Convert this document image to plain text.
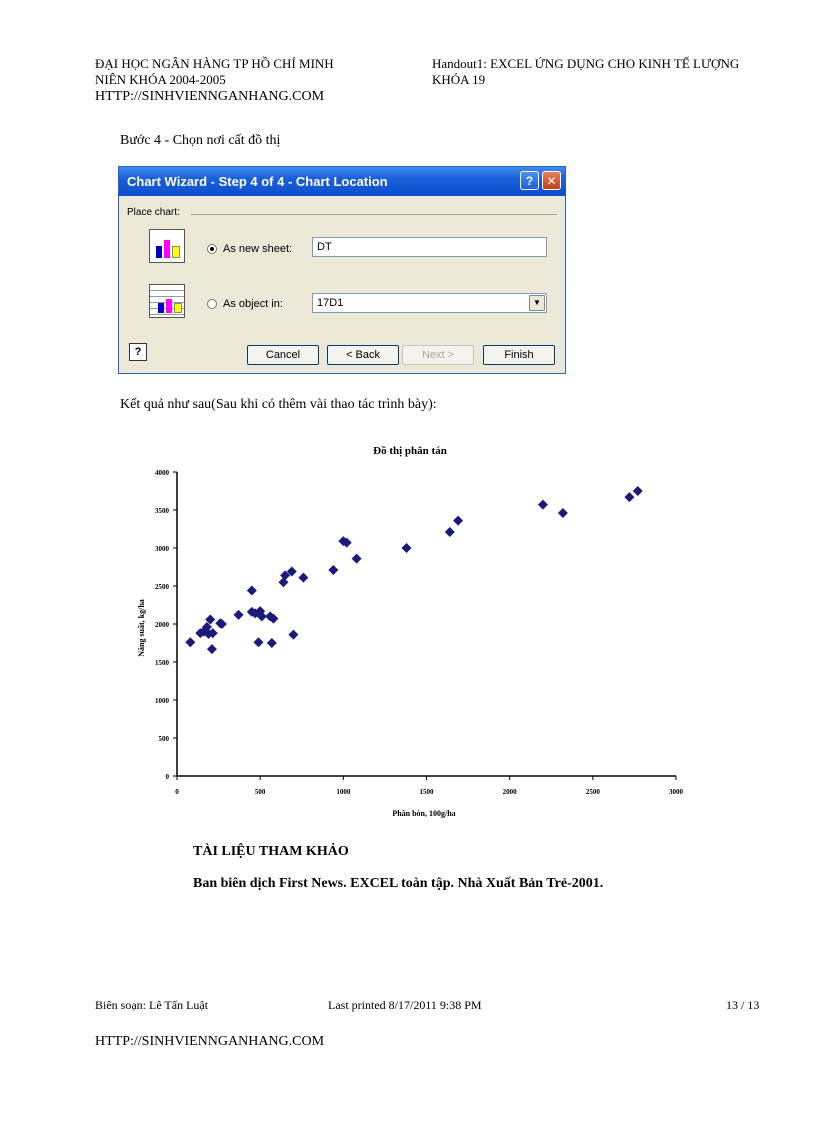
ĐẠI HỌC NGÂN HÀNG TP HỒ CHÍ MINH
NIÊN KHÓA 2004-2005
HTTP://SINHVIENNGANHANG.COM
Handout1: EXCEL ỨNG DỤNG CHO KINH TẾ LƯỢNG
KHÓA 19
Bước 4 - Chọn nơi cất đồ thị
Chart Wizard - Step 4 of 4 - Chart Location	?	✕
Place chart:
As new sheet:	DT
As object in:	17D1	▼
?	Cancel	< Back	Next >	Finish
Kết quả như sau(Sau khi có thêm vài thao tác trình bày):
Đồ thị phân tán
Năng suất, kg/ha
Phân bón, 100g/ha
0	500	1000	1500	2000	2500	3000
0
500
1000
1500
2000
2500
3000
3500
4000
TÀI LIỆU THAM KHẢO
Ban biên dịch First News. EXCEL toàn tập. Nhà Xuất Bản Trẻ-2001.
Biên soạn: Lê Tấn Luật	Last printed 8/17/2011 9:38 PM	13 / 13
HTTP://SINHVIENNGANHANG.COM
